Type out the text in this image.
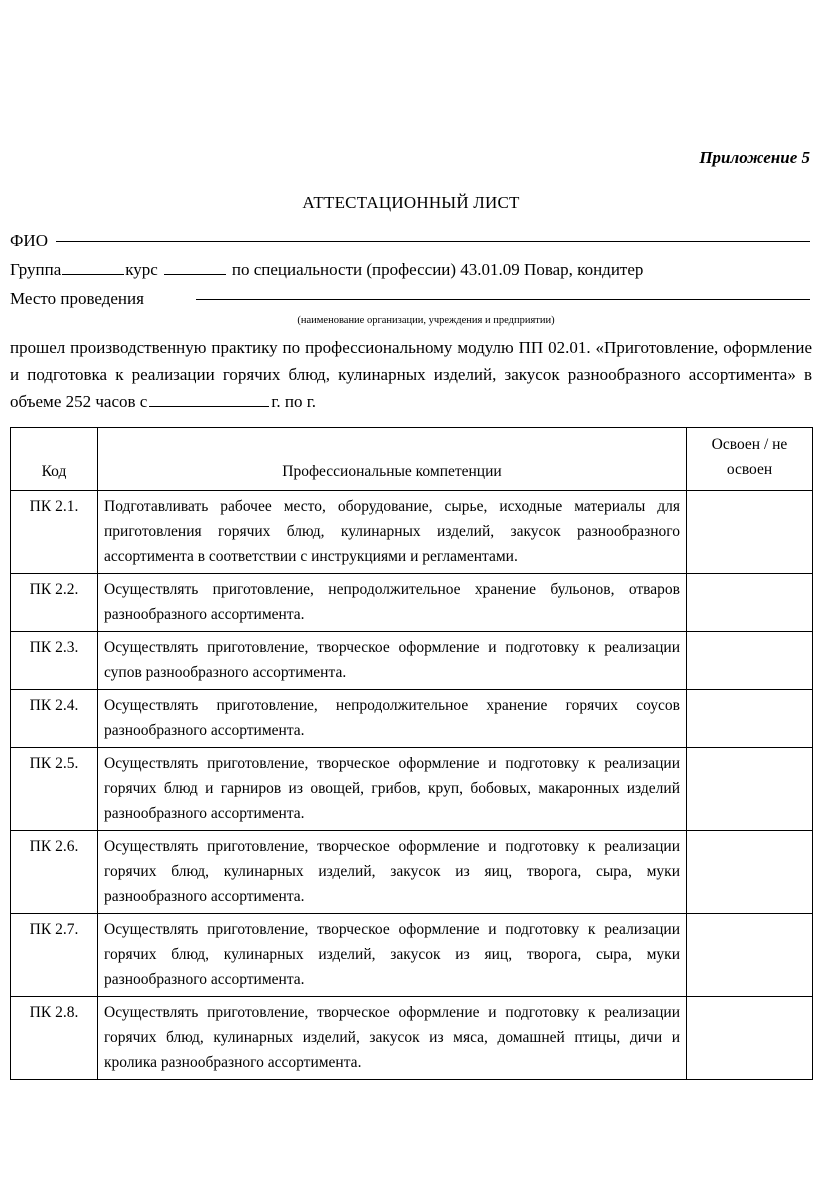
Приложение 5
АТТЕСТАЦИОННЫЙ ЛИСТ
ФИО
Группа	курс	по специальности (профессии) 43.01.09 Повар, кондитер
Место проведения
(наименование организации, учреждения и предприятии)
прошел производственную практику по профессиональному модулю ПП 02.01. «Приготовление, оформление и подготовка к реализации горячих блюд, кулинарных изделий, закусок разнообразного ассортимента» в объеме 252 часов с	г. по г.
Код	Профессиональные компетенции	Освоен / не освоен
ПК 2.1.	Подготавливать рабочее место, оборудование, сырье, исходные материалы для приготовления горячих блюд, кулинарных изделий, закусок разнообразного ассортимента в соответствии с инструкциями и регламентами.	
ПК 2.2.	Осуществлять приготовление, непродолжительное хранение бульонов, отваров разнообразного ассортимента.	
ПК 2.3.	Осуществлять приготовление, творческое оформление и подготовку к реализации супов разнообразного ассортимента.	
ПК 2.4.	Осуществлять приготовление, непродолжительное хранение горячих соусов разнообразного ассортимента.	
ПК 2.5.	Осуществлять приготовление, творческое оформление и подготовку к реализации горячих блюд и гарниров из овощей, грибов, круп, бобовых, макаронных изделий разнообразного ассортимента.	
ПК 2.6.	Осуществлять приготовление, творческое оформление и подготовку к реализации горячих блюд, кулинарных изделий, закусок из яиц, творога, сыра, муки разнообразного ассортимента.	
ПК 2.7.	Осуществлять приготовление, творческое оформление и подготовку к реализации горячих блюд, кулинарных изделий, закусок из яиц, творога, сыра, муки разнообразного ассортимента.	
ПК 2.8.	Осуществлять приготовление, творческое оформление и подготовку к реализации горячих блюд, кулинарных изделий, закусок из мяса, домашней птицы, дичи и кролика разнообразного ассортимента.	
